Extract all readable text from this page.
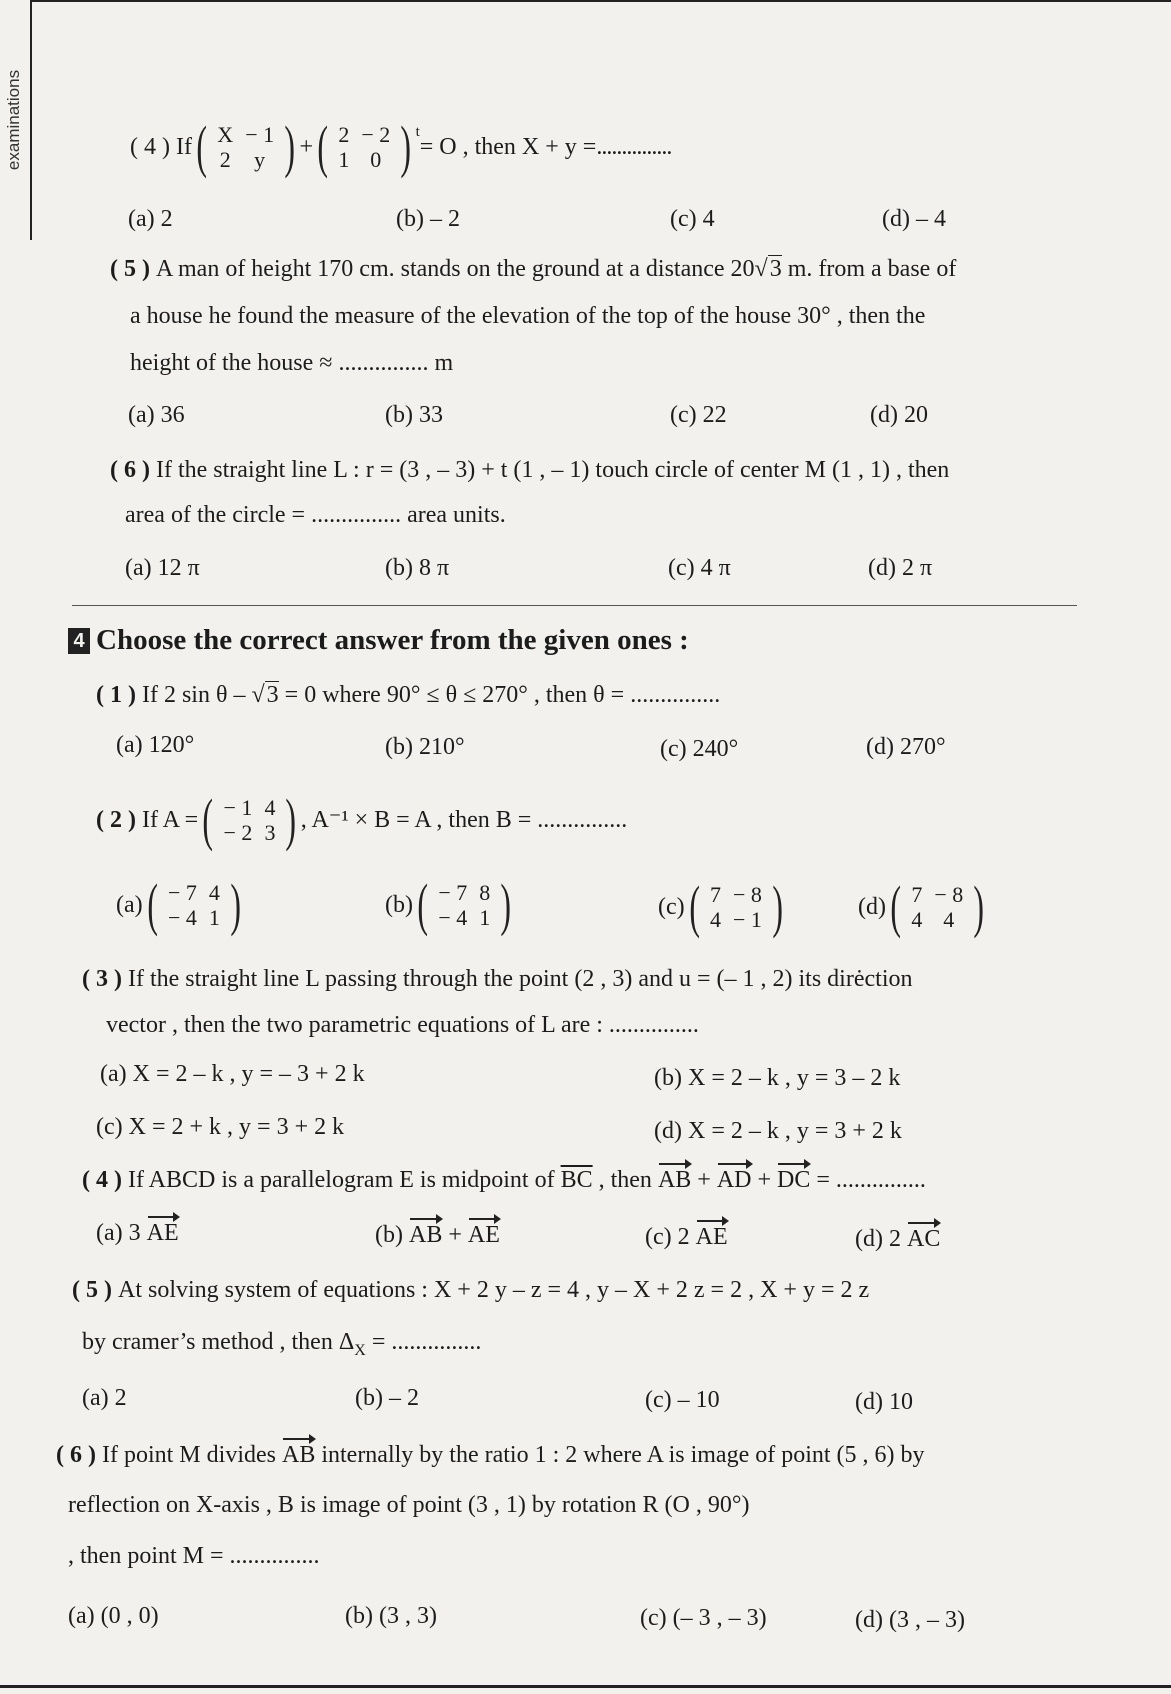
examinations	( 4 )
If ( X	− 1
2	y ) + ( 2	− 2
1	0 ) $^t$
= O , then X + y = ...............
(a) 2	(b) – 2	(c) 4	(d) – 4
( 5 ) A man of height 170 cm. stands on the ground at a distance 20√3 m. from a base of
a house he found the measure of the elevation of the top of the house 30° , then the
height of the house ≈ ............... m
(a) 36	(b) 33	(c) 22	(d) 20
( 6 ) If the straight line L : r = (3 , – 3) + t (1 , – 1) touch circle of center M (1 , 1) , then
area of the circle = ............... area units.
(a) 12 π	(b) 8 π	(c) 4 π	(d) 2 π
4 Choose the correct answer from the given ones :
( 1 ) If 2 sin θ – √3 = 0 where 90° ≤ θ ≤ 270° , then θ = ...............
(a) 120°	(b) 210°	(c) 240°	(d) 270°
( 2 )
If A = ( − 1	4
− 2	3 ) , A⁻¹ × B = A , then B = ...............
(a) ( − 7	4
− 4	1 )	(b) ( − 7	8
− 4	1 )	(c) ( 7	− 8
4	− 1 )	(d) ( 7	− 8
4	4 )
( 3 ) If the straight line L passing through the point (2 , 3) and u = (– 1 , 2) its dirėction
vector , then the two parametric equations of L are : ...............
(a) X = 2 – k , y = – 3 + 2 k	(b) X = 2 – k , y = 3 – 2 k
(c) X = 2 + k , y = 3 + 2 k	(d) X = 2 – k , y = 3 + 2 k
( 4 ) If ABCD is a parallelogram E is midpoint of $\overline{BC}$ , then AB + AD + DC = ...............
(a) 3 AE	(b) AB + AE	(c) 2 AE	(d) 2 AC
( 5 ) At solving system of equations : X + 2 y – z = 4 , y – X + 2 z = 2 , X + y = 2 z
by cramer’s method , then $\Delta_X$ = ...............
(a) 2	(b) – 2	(c) – 10	(d) 10
( 6 ) If point M divides AB internally by the ratio 1 : 2 where A is image of point (5 , 6) by
reflection on X-axis , B is image of point (3 , 1) by rotation R (O , 90°)
, then point M = ...............
(a) (0 , 0)	(b) (3 , 3)	(c) (– 3 , – 3)	(d) (3 , – 3)
